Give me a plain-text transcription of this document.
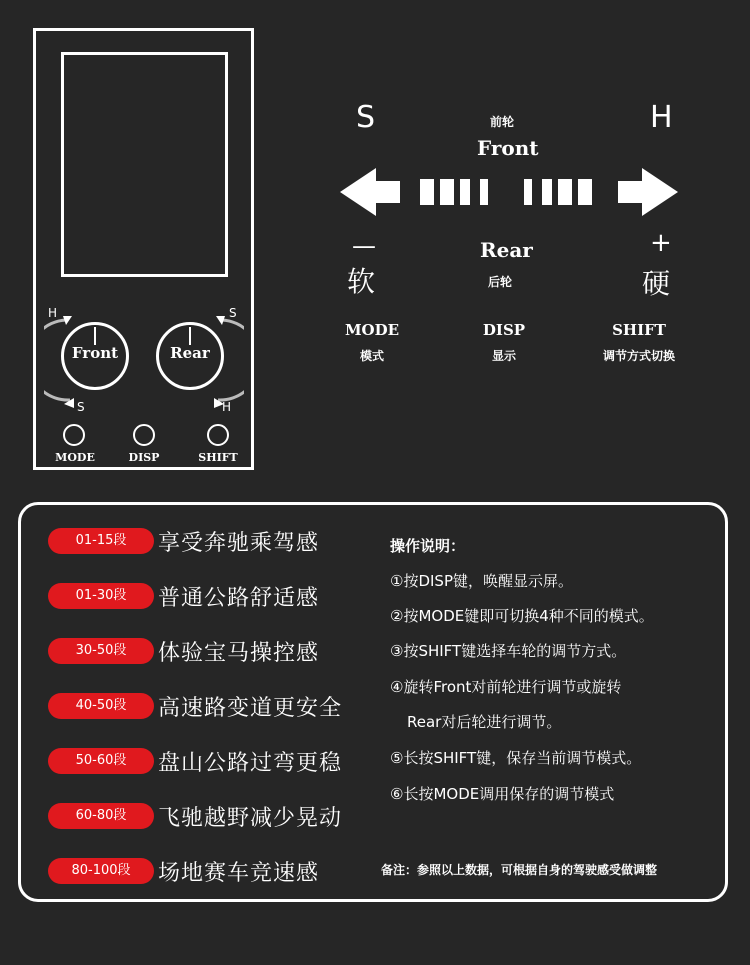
H
Front
S
S
Rear
H
MODE	DISP	SHIFT
S	H
前轮
Front
—	+
Rear
软	硬
后轮
MODE
模式
DISP
显示
SHIFT
调节方式切换
01-15段	享受奔驰乘驾感
01-30段	普通公路舒适感
30-50段	体验宝马操控感
40-50段	高速路变道更安全
50-60段	盘山公路过弯更稳
60-80段	飞驰越野减少晃动
80-100段	场地赛车竞速感
操作说明：
①按DISP键，唤醒显示屏。
②按MODE键即可切换4种不同的模式。
③按SHIFT键选择车轮的调节方式。
④旋转Front对前轮进行调节或旋转
Rear对后轮进行调节。
⑤长按SHIFT键，保存当前调节模式。
⑥长按MODE调用保存的调节模式
备注：参照以上数据，可根据自身的驾驶感受做调整
